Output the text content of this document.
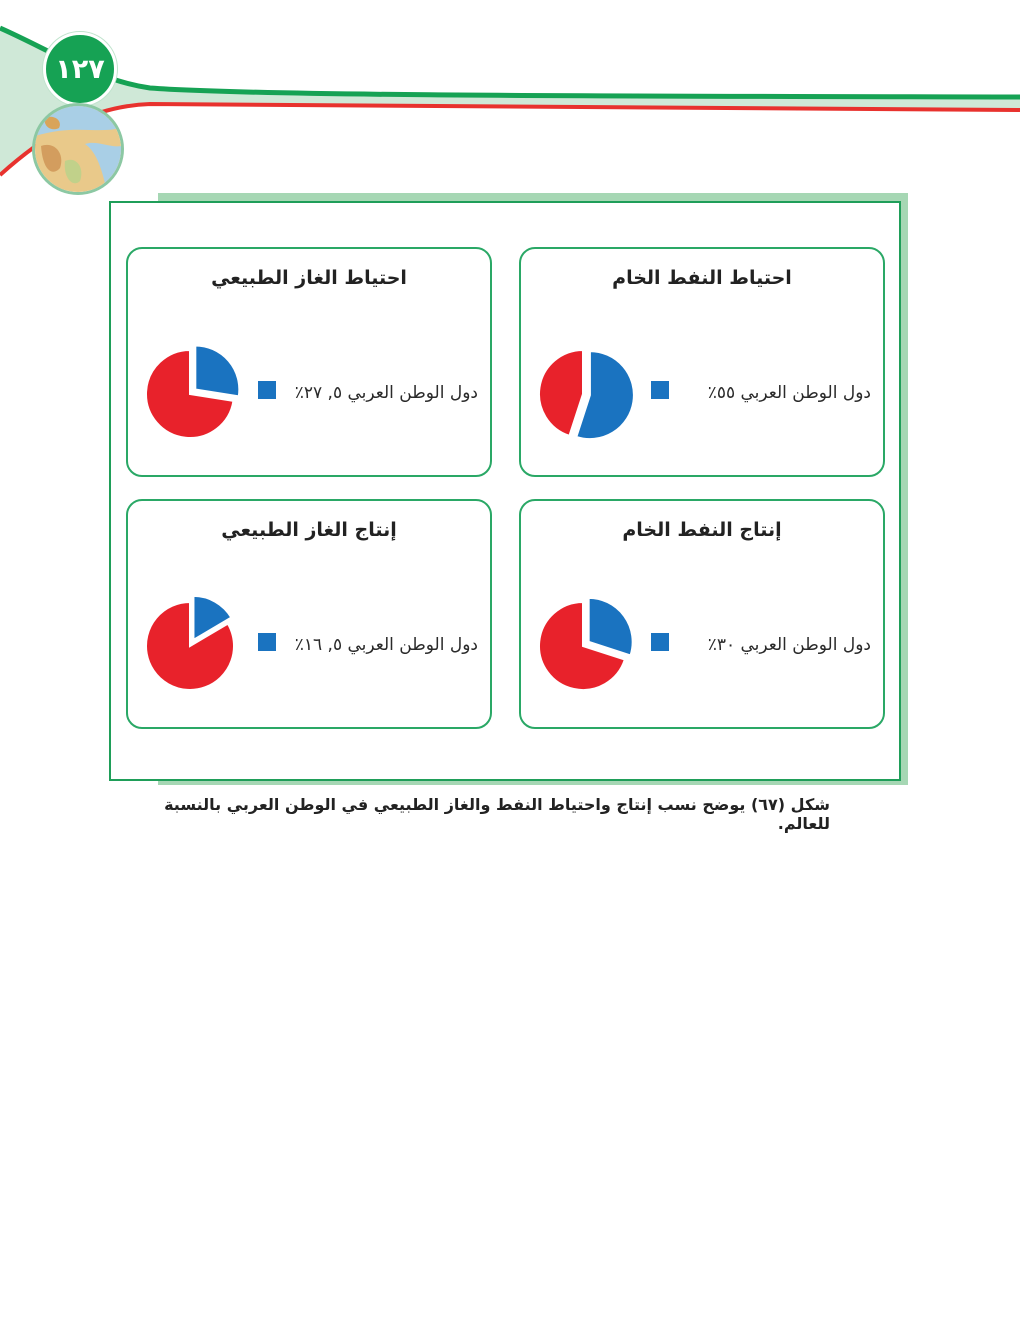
١٢٧
احتياط النفط الخام
دول الوطن العربي ٥٥٪
احتياط الغاز الطبيعي
دول الوطن العربي ٥, ٢٧٪
إنتاج النفط الخام
دول الوطن العربي ٣٠٪
إنتاج الغاز الطبيعي
دول الوطن العربي ٥, ١٦٪
شكل (٦٧) يوضح نسب إنتاج واحتياط النفط والغاز الطبيعي في الوطن العربي بالنسبة للعالم.
